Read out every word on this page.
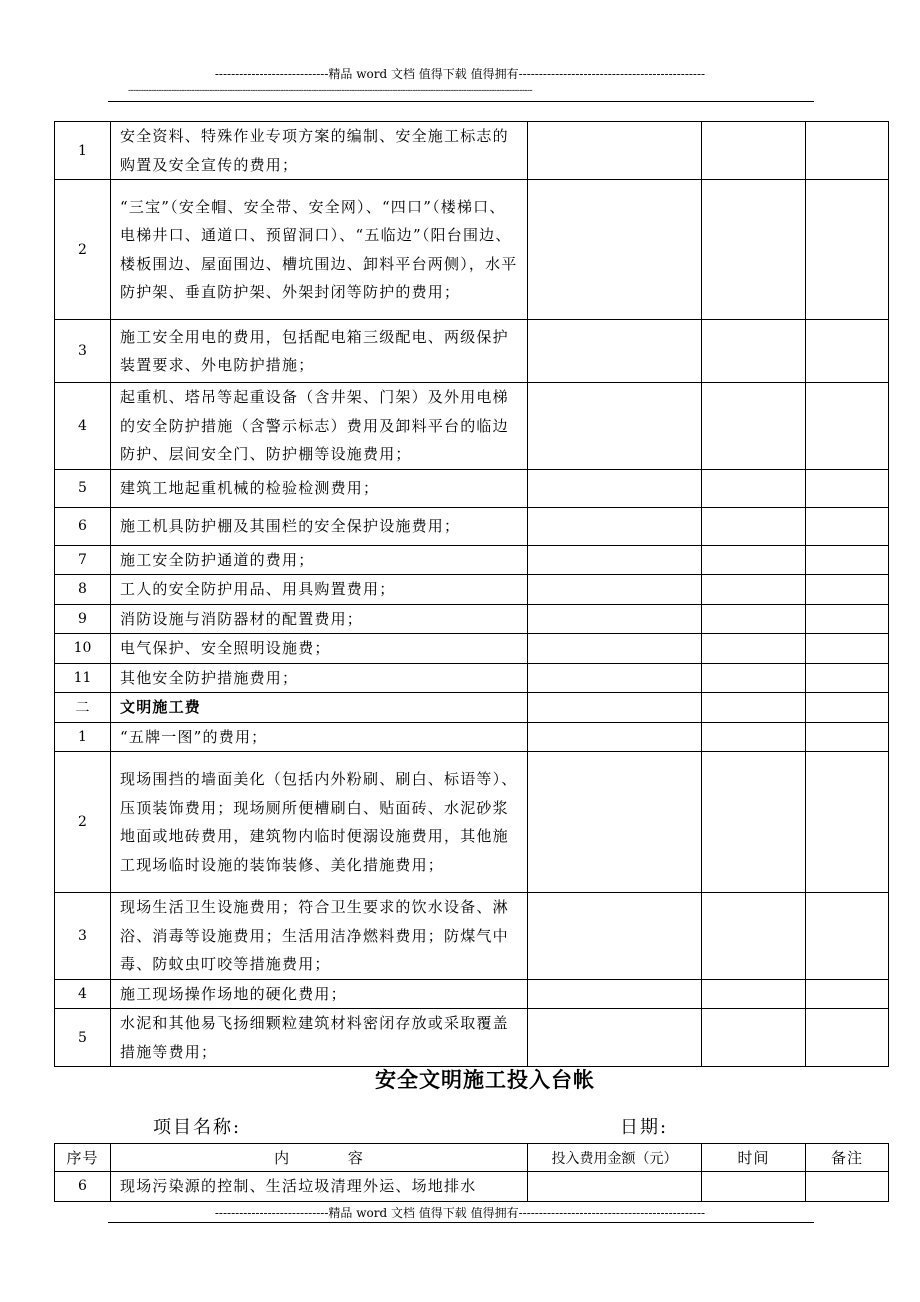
----------------------------精品 word 文档 值得下载 值得拥有----------------------------------------------
---------------------------------------------------------------------------------------------------------------------------------------------------------------
1	安全资料、特殊作业专项方案的编制、安全施工标志的购置及安全宣传的费用；			
2	“三宝”（安全帽、安全带、安全网）、“四口”（楼梯口、电梯井口、通道口、预留洞口）、“五临边”（阳台围边、楼板围边、屋面围边、槽坑围边、卸料平台两侧），水平防护架、垂直防护架、外架封闭等防护的费用；			
3	施工安全用电的费用，包括配电箱三级配电、两级保护装置要求、外电防护措施；			
4	起重机、塔吊等起重设备（含井架、门架）及外用电梯的安全防护措施（含警示标志）费用及卸料平台的临边防护、层间安全门、防护棚等设施费用；			
5	建筑工地起重机械的检验检测费用；			
6	施工机具防护棚及其围栏的安全保护设施费用；			
7	施工安全防护通道的费用；			
8	工人的安全防护用品、用具购置费用；			
9	消防设施与消防器材的配置费用；			
10	电气保护、安全照明设施费；			
11	其他安全防护措施费用；			
二	文明施工费			
1	“五牌一图”的费用；			
2	现场围挡的墙面美化（包括内外粉刷、刷白、标语等）、压顶装饰费用；现场厕所便槽刷白、贴面砖、水泥砂浆地面或地砖费用，建筑物内临时便溺设施费用，其他施工现场临时设施的装饰装修、美化措施费用；			
3	现场生活卫生设施费用；符合卫生要求的饮水设备、淋浴、消毒等设施费用；生活用洁净燃料费用；防煤气中毒、防蚊虫叮咬等措施费用；			
4	施工现场操作场地的硬化费用；			
5	水泥和其他易飞扬细颗粒建筑材料密闭存放或采取覆盖措施等费用；			
安全文明施工投入台帐
项目名称:	日期:
序号	内          容	投入费用金额（元）	时间	备注
6	现场污染源的控制、生活垃圾清理外运、场地排水			
----------------------------精品 word 文档 值得下载 值得拥有----------------------------------------------
